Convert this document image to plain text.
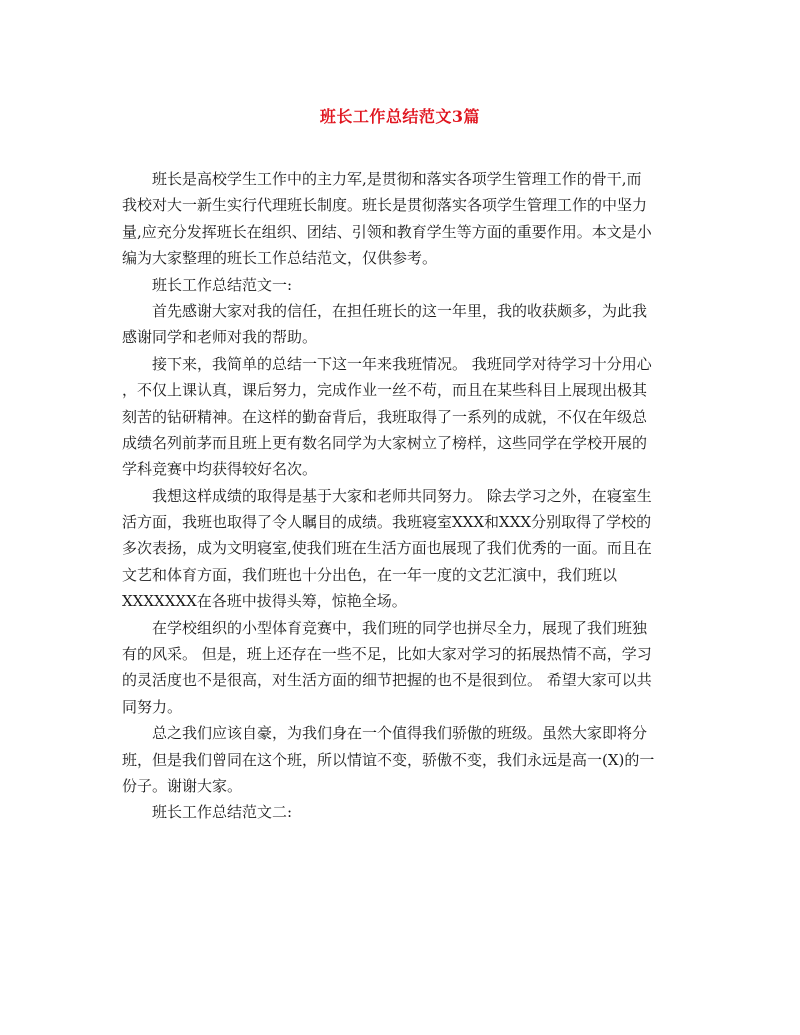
班长工作总结范文3篇
班长是高校学生工作中的主力军,是贯彻和落实各项学生管理工作的骨干,而
我校对大一新生实行代理班长制度。班长是贯彻落实各项学生管理工作的中坚力
量,应充分发挥班长在组织、团结、引领和教育学生等方面的重要作用。本文是小
编为大家整理的班长工作总结范文，仅供参考。
班长工作总结范文一:
首先感谢大家对我的信任，在担任班长的这一年里，我的收获颇多，为此我
感谢同学和老师对我的帮助。
接下来，我简单的总结一下这一年来我班情况。 我班同学对待学习十分用心
，不仅上课认真，课后努力，完成作业一丝不苟，而且在某些科目上展现出极其
刻苦的钻研精神。在这样的勤奋背后，我班取得了一系列的成就，不仅在年级总
成绩名列前茅而且班上更有数名同学为大家树立了榜样，这些同学在学校开展的
学科竞赛中均获得较好名次。
我想这样成绩的取得是基于大家和老师共同努力。 除去学习之外，在寝室生
活方面，我班也取得了令人瞩目的成绩。我班寝室XXX和XXX分别取得了学校的
多次表扬，成为文明寝室,使我们班在生活方面也展现了我们优秀的一面。而且在
文艺和体育方面，我们班也十分出色，在一年一度的文艺汇演中，我们班以
XXXXXXX在各班中拔得头筹，惊艳全场。
在学校组织的小型体育竞赛中，我们班的同学也拼尽全力，展现了我们班独
有的风采。 但是，班上还存在一些不足，比如大家对学习的拓展热情不高，学习
的灵活度也不是很高，对生活方面的细节把握的也不是很到位。 希望大家可以共
同努力。
总之我们应该自豪，为我们身在一个值得我们骄傲的班级。虽然大家即将分
班，但是我们曾同在这个班，所以情谊不变，骄傲不变，我们永远是高一(X)的一
份子。谢谢大家。
班长工作总结范文二:
